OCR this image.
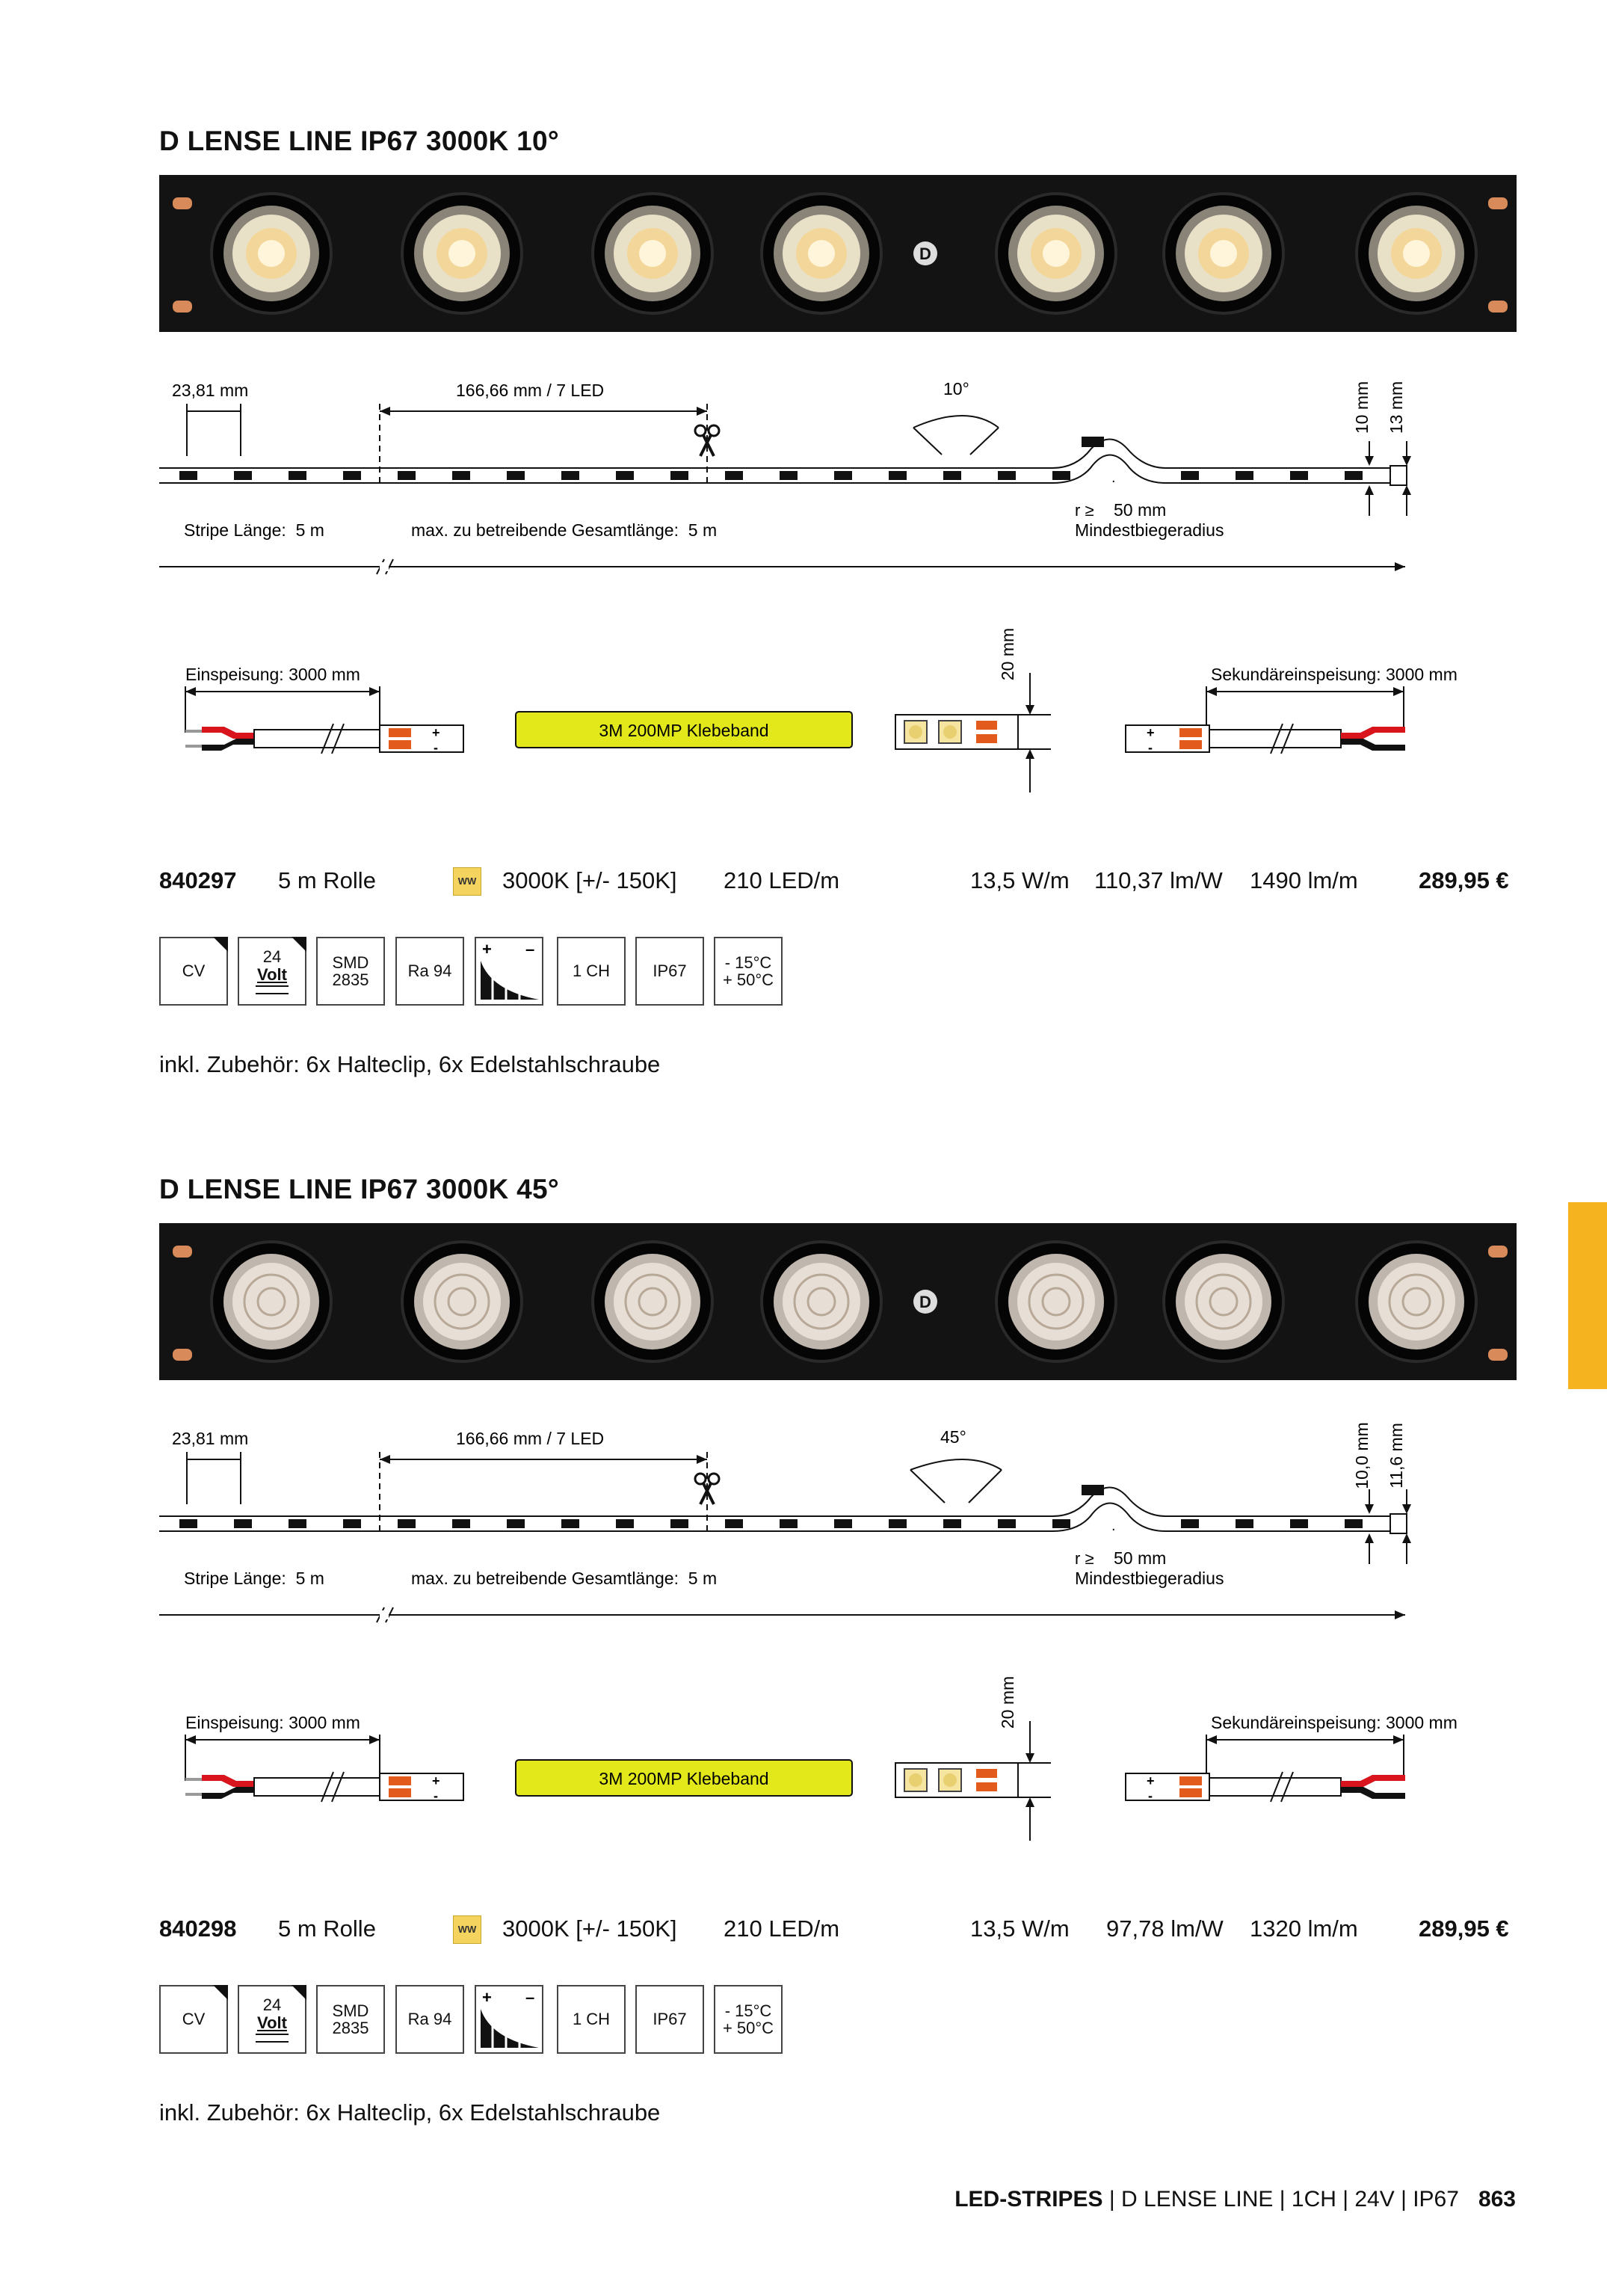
D LENSE LINE IP67 3000K 10°
D
23,81 mm	166,66 mm / 7 LED	10°
.
10 mm 13 mm
Stripe Länge:  5 m	max. zu betreibende Gesamtlänge:  5 m
r ≥ 50 mm
Mindestbiegeradius
Einspeisung: 3000 mm
+
-
3M 200MP Klebeband
20 mm	Sekundäreinspeisung: 3000 mm
+
-
840297 5 m Rolle	WW 3000K [+/- 150K] 210 LED/m	13,5 W/m 110,37 lm/W 1490 lm/m	289,95 €
CV
24
Volt
SMD
2835 Ra 94
+ –
1 CH	IP67 - 15°C
+ 50°C
inkl. Zubehör: 6x Halteclip, 6x Edelstahlschraube
D LENSE LINE IP67 3000K 45°
D
23,81 mm	166,66 mm / 7 LED	45°
.
10,0 mm 11,6 mm
Stripe Länge:  5 m	max. zu betreibende Gesamtlänge:  5 m
r ≥ 50 mm
Mindestbiegeradius
Einspeisung: 3000 mm
+
-
3M 200MP Klebeband
20 mm	Sekundäreinspeisung: 3000 mm
+
-
840298 5 m Rolle	WW 3000K [+/- 150K] 210 LED/m	13,5 W/m 97,78 lm/W 1320 lm/m	289,95 €
CV
24
Volt
SMD
2835 Ra 94
+ –
1 CH	IP67 - 15°C
+ 50°C
inkl. Zubehör: 6x Halteclip, 6x Edelstahlschraube
LED-STRIPES | D LENSE LINE | 1CH | 24V | IP67 863
